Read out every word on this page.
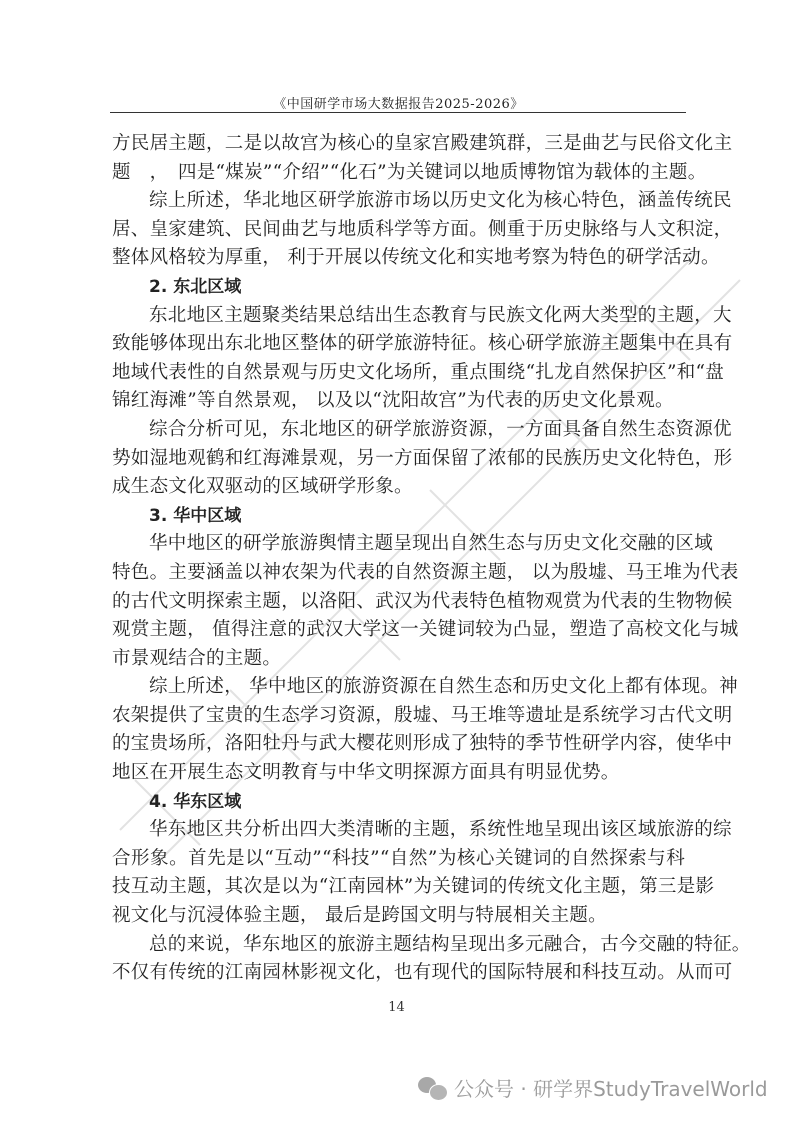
《中国研学市场大数据报告2025-2026》
方民居主题，二是以故宫为核心的皇家宫殿建筑群，三是曲艺与民俗文化主
题　，　四是“煤炭”“介绍”“化石”为关键词以地质博物馆为载体的主题。
综上所述，华北地区研学旅游市场以历史文化为核心特色，涵盖传统民
居、皇家建筑、民间曲艺与地质科学等方面。侧重于历史脉络与人文积淀，
整体风格较为厚重， 利于开展以传统文化和实地考察为特色的研学活动。
2. 东北区域
东北地区主题聚类结果总结出生态教育与民族文化两大类型的主题，大
致能够体现出东北地区整体的研学旅游特征。核心研学旅游主题集中在具有
地域代表性的自然景观与历史文化场所，重点围绕“扎龙自然保护区”和“盘
锦红海滩”等自然景观， 以及以“沈阳故宫”为代表的历史文化景观。
综合分析可见，东北地区的研学旅游资源，一方面具备自然生态资源优
势如湿地观鹤和红海滩景观，另一方面保留了浓郁的民族历史文化特色，形
成生态文化双驱动的区域研学形象。
3. 华中区域
华中地区的研学旅游舆情主题呈现出自然生态与历史文化交融的区域
特色。主要涵盖以神农架为代表的自然资源主题， 以为殷墟、马王堆为代表
的古代文明探索主题，以洛阳、武汉为代表特色植物观赏为代表的生物物候
观赏主题， 值得注意的武汉大学这一关键词较为凸显，塑造了高校文化与城
市景观结合的主题。
综上所述， 华中地区的旅游资源在自然生态和历史文化上都有体现。神
农架提供了宝贵的生态学习资源，殷墟、马王堆等遗址是系统学习古代文明
的宝贵场所，洛阳牡丹与武大樱花则形成了独特的季节性研学内容，使华中
地区在开展生态文明教育与中华文明探源方面具有明显优势。
4. 华东区域
华东地区共分析出四大类清晰的主题，系统性地呈现出该区域旅游的综
合形象。首先是以“互动”“科技”“自然”为核心关键词的自然探索与科
技互动主题，其次是以为“江南园林”为关键词的传统文化主题，第三是影
视文化与沉浸体验主题， 最后是跨国文明与特展相关主题。
总的来说，华东地区的旅游主题结构呈现出多元融合，古今交融的特征。
不仅有传统的江南园林影视文化，也有现代的国际特展和科技互动。从而可
14
公众号 · 研学界StudyTravelWorld
